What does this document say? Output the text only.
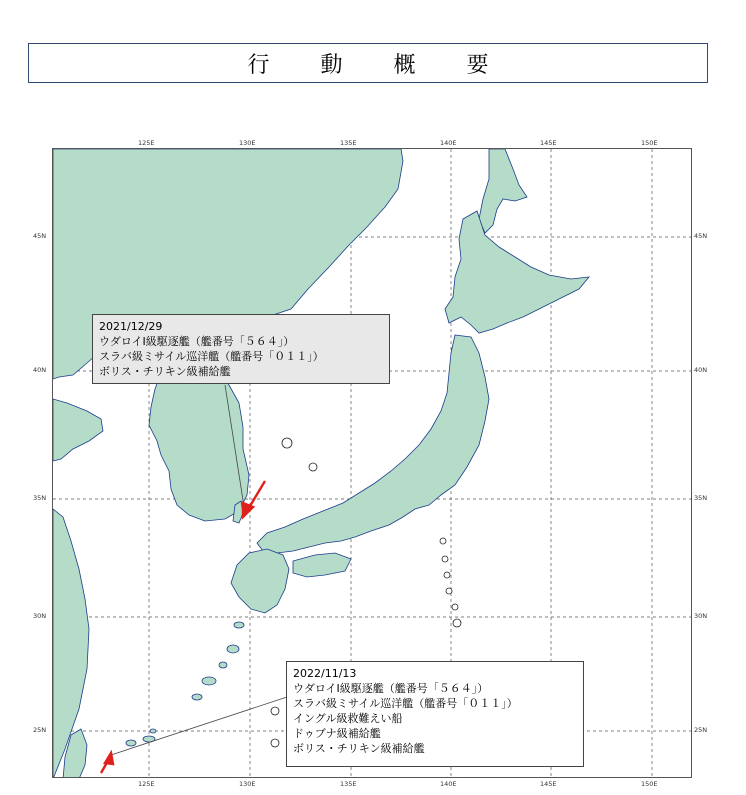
行 動 概 要
125E	130E	135E	140E	145E	150E
125E	130E	135E	140E	145E	150E
45N
40N
35N
30N
25N
45N
40N
35N
30N
25N
2021/12/29
ウダロイⅠ級駆逐艦（艦番号「５６４」）
スラバ級ミサイル巡洋艦（艦番号「０１１」）
ボリス・チリキン級補給艦
2022/11/13
ウダロイⅠ級駆逐艦（艦番号「５６４」）
スラバ級ミサイル巡洋艦（艦番号「０１１」）
イングル級救難えい船
ドゥブナ級補給艦
ボリス・チリキン級補給艦
